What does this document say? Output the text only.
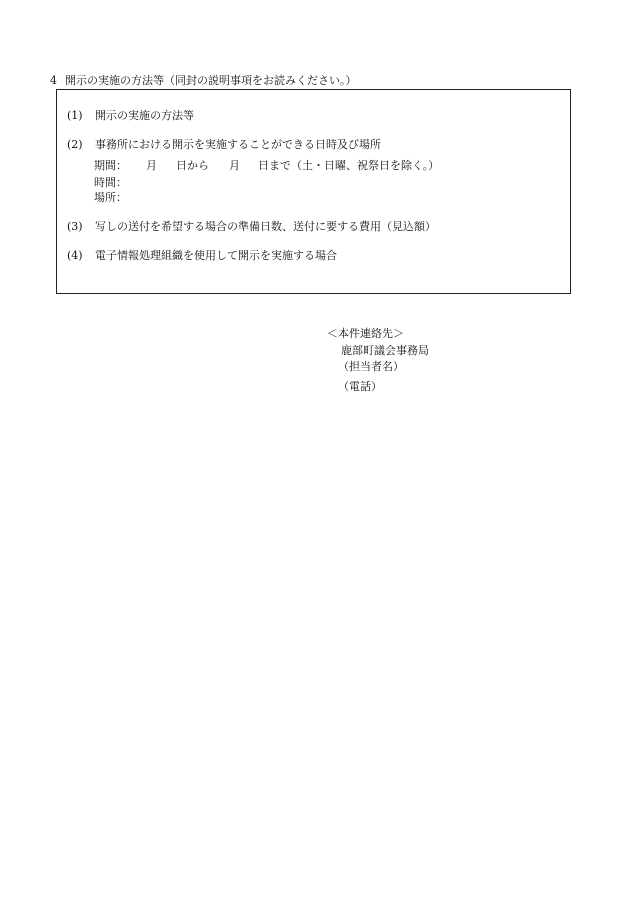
4 開示の実施の方法等（同封の説明事項をお読みください。）
(1) 開示の実施の方法等
(2) 事務所における開示を実施することができる日時及び場所
期間： 月 日から 月 日まで（土・日曜、祝祭日を除く。）
時間：
場所：
(3) 写しの送付を希望する場合の準備日数、送付に要する費用（見込額）
(4) 電子情報処理組織を使用して開示を実施する場合
＜本件連絡先＞
鹿部町議会事務局
（担当者名）
（電話）
